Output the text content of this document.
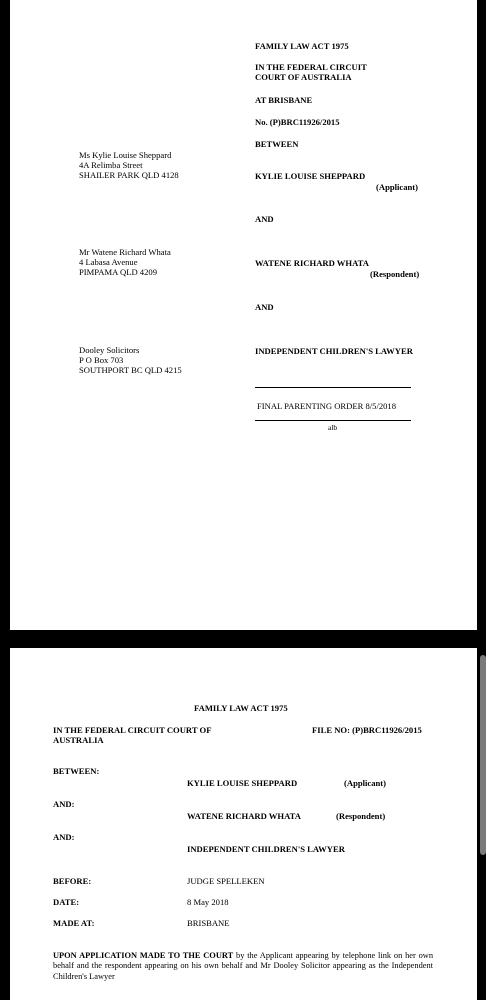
FAMILY LAW ACT 1975
IN THE FEDERAL CIRCUIT
COURT OF AUSTRALIA
AT BRISBANE
No. (P)BRC11926/2015
BETWEEN
Ms Kylie Louise Sheppard
4A Relimba Street
SHAILER PARK QLD 4128	KYLIE LOUISE SHEPPARD
(Applicant)
AND
Mr Watene Richard Whata
4 Labasa Avenue
PIMPAMA QLD 4209
WATENE RICHARD WHATA
(Respondent)
AND
Dooley Solicitors
P O Box 703
SOUTHPORT BC QLD 4215
INDEPENDENT CHILDREN'S LAWYER
FINAL PARENTING ORDER 8/5/2018
alb
FAMILY LAW ACT 1975
IN THE FEDERAL CIRCUIT COURT OF
AUSTRALIA
FILE NO: (P)BRC11926/2015
BETWEEN:
KYLIE LOUISE SHEPPARD	(Applicant)
AND:
WATENE RICHARD WHATA	(Respondent)
AND:
INDEPENDENT CHILDREN'S LAWYER
BEFORE:	JUDGE SPELLEKEN
DATE:	8 May 2018
MADE AT:	BRISBANE
UPON APPLICATION MADE TO THE COURT by the Applicant appearing by telephone link on her own behalf and the respondent appearing on his own behalf and Mr Dooley Solicitor appearing as the Independent Children's Lawyer
